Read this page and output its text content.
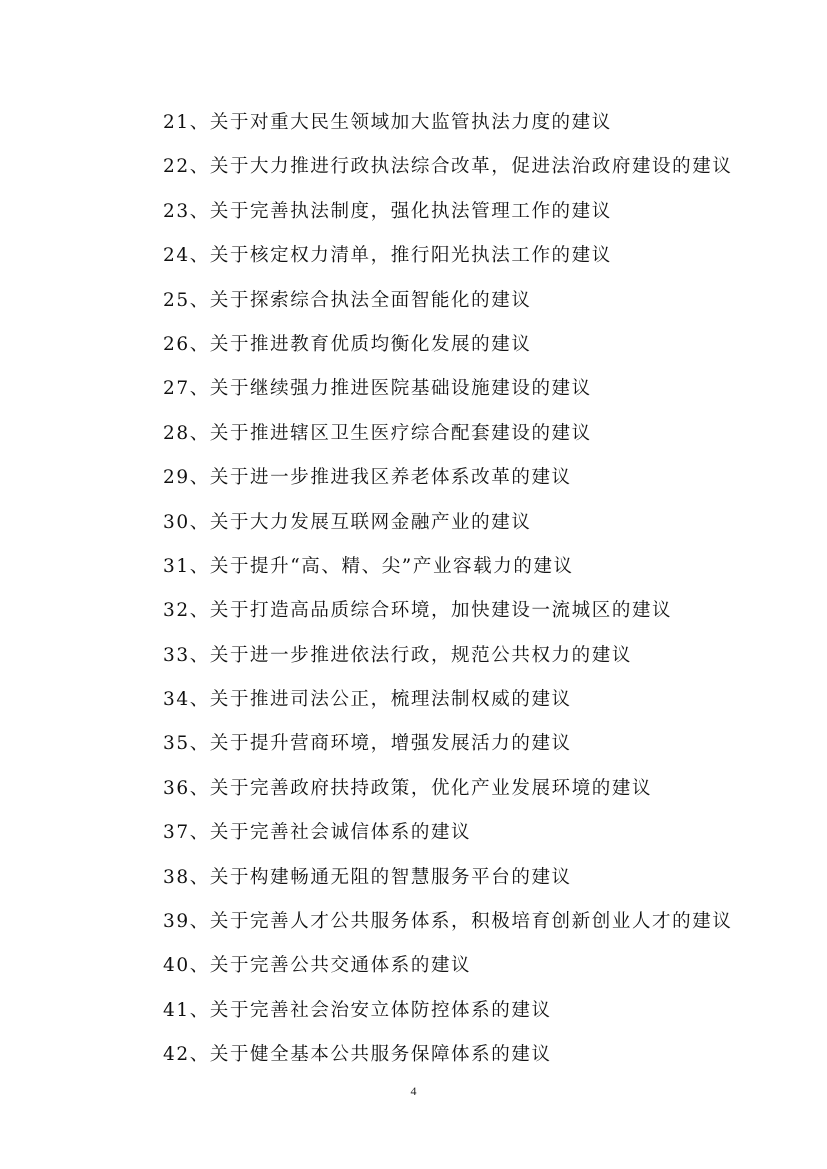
21、关于对重大民生领域加大监管执法力度的建议
22、关于大力推进行政执法综合改革，促进法治政府建设的建议
23、关于完善执法制度，强化执法管理工作的建议
24、关于核定权力清单，推行阳光执法工作的建议
25、关于探索综合执法全面智能化的建议
26、关于推进教育优质均衡化发展的建议
27、关于继续强力推进医院基础设施建设的建议
28、关于推进辖区卫生医疗综合配套建设的建议
29、关于进一步推进我区养老体系改革的建议
30、关于大力发展互联网金融产业的建议
31、关于提升“高、精、尖”产业容载力的建议
32、关于打造高品质综合环境，加快建设一流城区的建议
33、关于进一步推进依法行政，规范公共权力的建议
34、关于推进司法公正，梳理法制权威的建议
35、关于提升营商环境，增强发展活力的建议
36、关于完善政府扶持政策，优化产业发展环境的建议
37、关于完善社会诚信体系的建议
38、关于构建畅通无阻的智慧服务平台的建议
39、关于完善人才公共服务体系，积极培育创新创业人才的建议
40、关于完善公共交通体系的建议
41、关于完善社会治安立体防控体系的建议
42、关于健全基本公共服务保障体系的建议
4
